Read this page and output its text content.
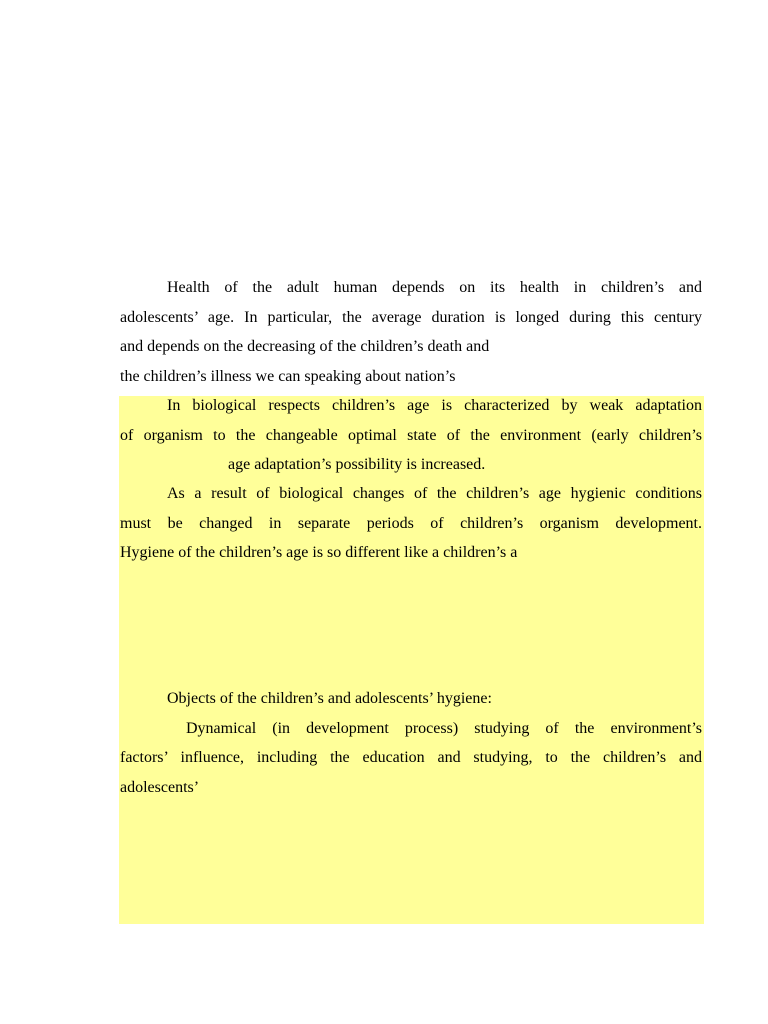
Health of the adult human depends on its health in children’s and
adolescents’ age. In particular, the average duration is longed during this century
and depends on the decreasing of the children’s death and
the children’s illness we can speaking about nation’s
In biological respects children’s age is characterized by weak adaptation
of organism to the changeable optimal state of the environment (early children’s
age adaptation’s possibility is increased.
As a result of biological changes of the children’s age hygienic conditions
must be changed in separate periods of children’s organism development.
Hygiene of the children’s age is so different like a children’s a
Objects of the children’s and adolescents’ hygiene:
Dynamical (in development process) studying of the environment’s
factors’ influence, including the education and studying, to the children’s and
adolescents’
